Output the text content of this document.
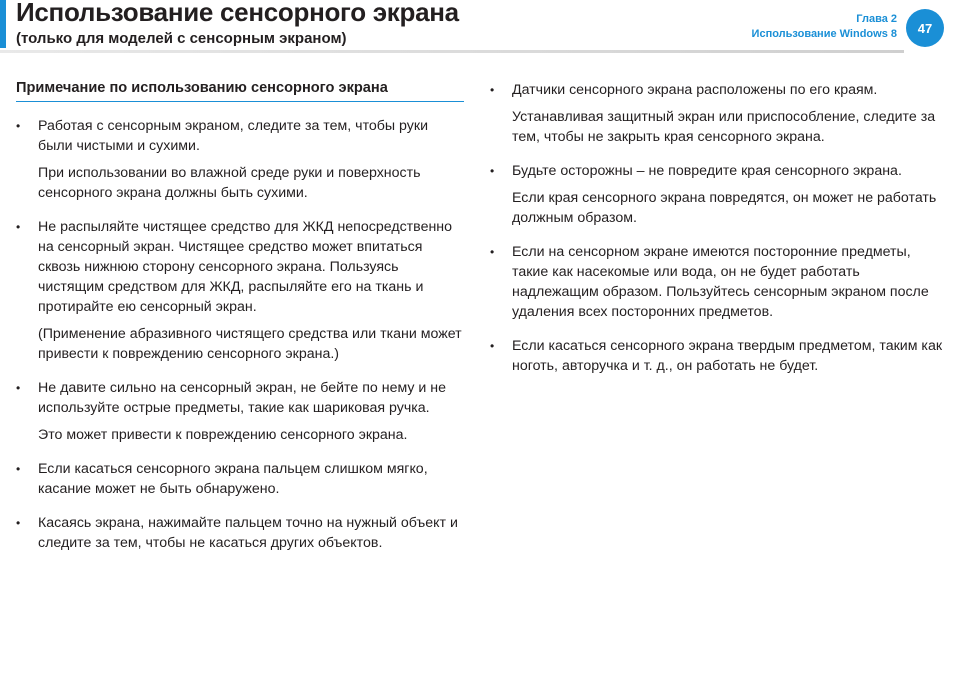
Использование сенсорного экрана
(только для моделей с сенсорным экраном)
Глава 2
Использование Windows 8 47
Примечание по использованию сенсорного экрана
• Работая с сенсорным экраном, следите за тем, чтобы руки были чистыми и сухими.

При использовании во влажной среде руки и поверхность сенсорного экрана должны быть сухими.

• Не распыляйте чистящее средство для ЖКД непосредственно на сенсорный экран. Чистящее средство может впитаться сквозь нижнюю сторону сенсорного экрана. Пользуясь чистящим средством для ЖКД, распыляйте его на ткань и протирайте ею сенсорный экран.

(Применение абразивного чистящего средства или ткани может привести к повреждению сенсорного экрана.)

• Не давите сильно на сенсорный экран, не бейте по нему и не используйте острые предметы, такие как шариковая ручка.

Это может привести к повреждению сенсорного экрана.

• Если касаться сенсорного экрана пальцем слишком мягко, касание может не быть обнаружено.

• Касаясь экрана, нажимайте пальцем точно на нужный объект и следите за тем, чтобы не касаться других объектов.

• Датчики сенсорного экрана расположены по его краям.

Устанавливая защитный экран или приспособление, следите за тем, чтобы не закрыть края сенсорного экрана.

• Будьте осторожны – не повредите края сенсорного экрана.

Если края сенсорного экрана повредятся, он может не работать должным образом.

• Если на сенсорном экране имеются посторонние предметы, такие как насекомые или вода, он не будет работать надлежащим образом. Пользуйтесь сенсорным экраном после удаления всех посторонних предметов.

• Если касаться сенсорного экрана твердым предметом, таким как ноготь, авторучка и т. д., он работать не будет.
